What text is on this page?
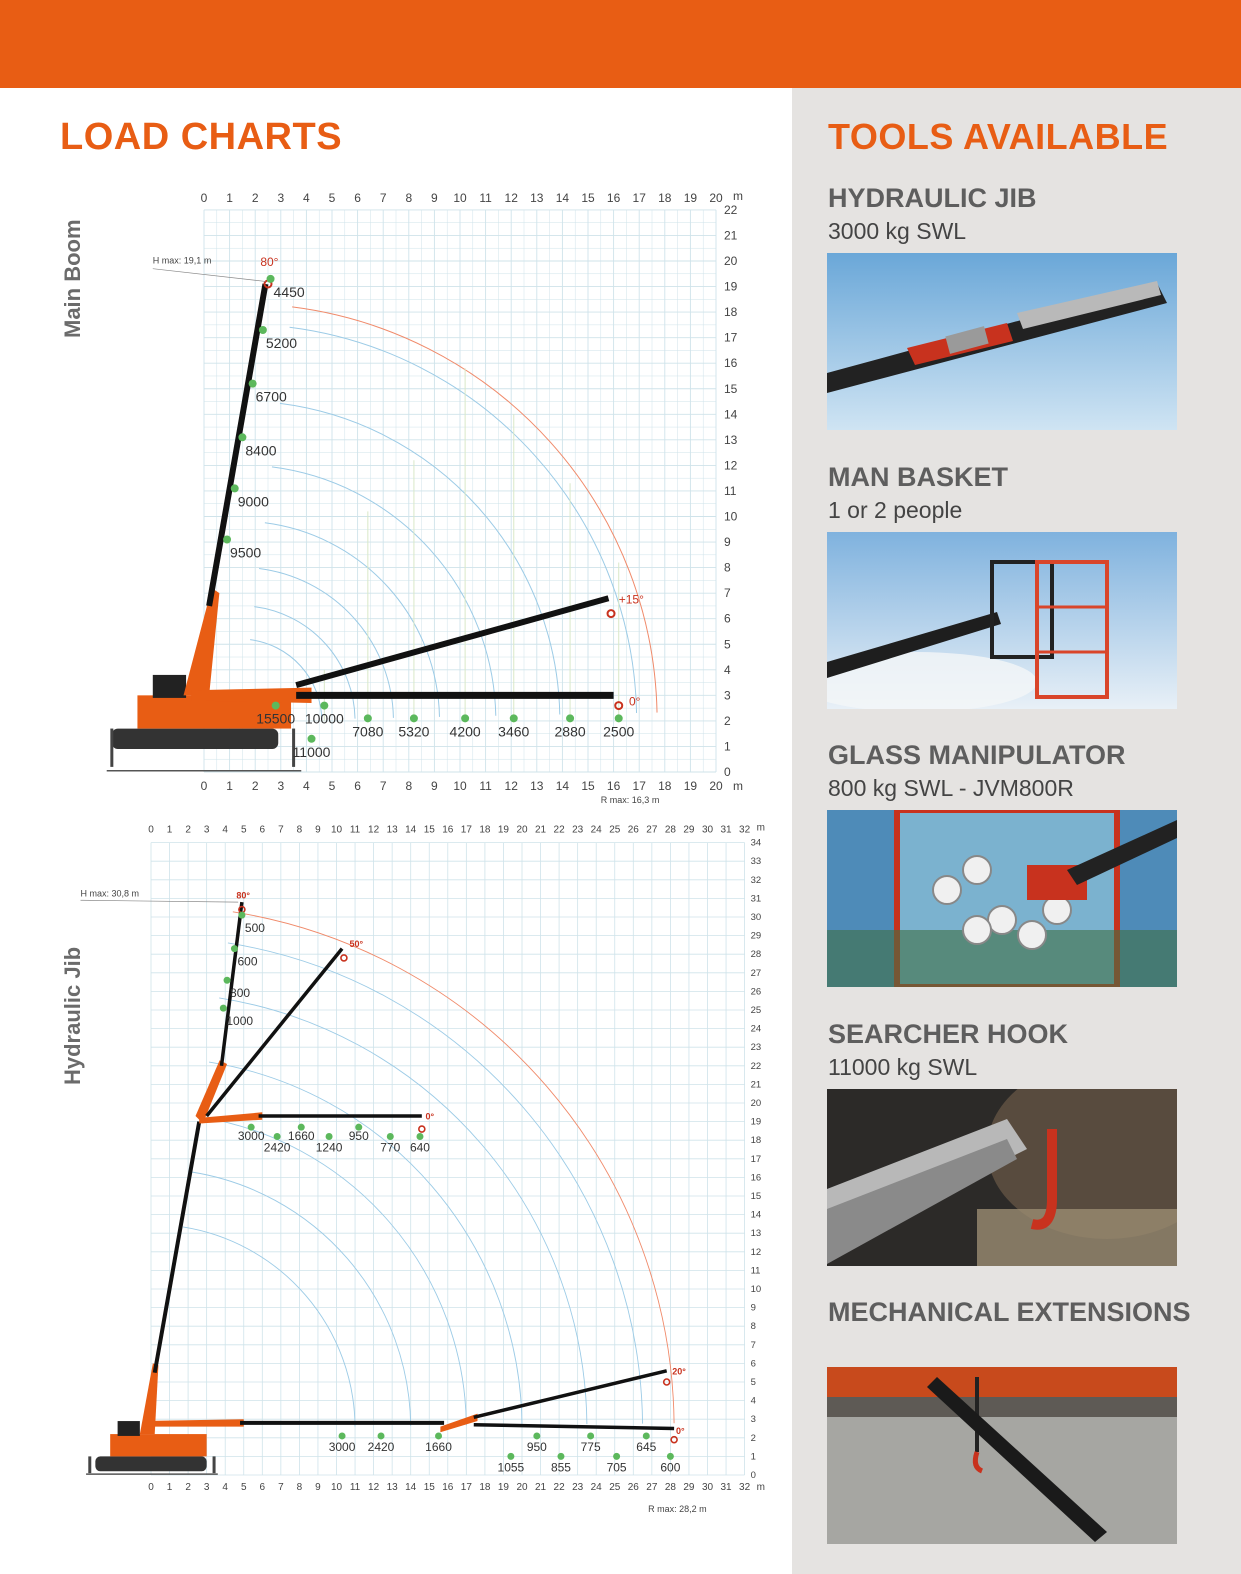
LOAD CHARTS	TOOLS AVAILABLE
Main Boom
Hydraulic Jib
0
0
1
1
2
2
3
3
4
4
5
5
6
6
7
7
8
8
9
9
10
10
11
11
12
12
13
13
14
14
15
15
16
16
17
17
18
18
19
19
20
20
m
m
0
1
2
3
4
5
6
7
8
9
10
11
12
13
14
15
16
17
18
19
20
21
22
80°
+15°
0°
H max: 19,1 m
R max: 16,3 m
4450
5200
6700
8400
9000
9500
15500 10000
11000
7080 5320 4200 3460 2880 2500
0
0
1
1
2
2
3
3
4
4
5
5
6
6
7
7
8
8
9
9
10
10
11
11
12
12
13
13
14
14
15
15
16
16
17
17
18
18
19
19
20
20
21
21
22
22
23
23
24
24
25
25
26
26
27
27
28
28
29
29
30
30
31
31
32
32
m
m
0
1
2
3
4
5
6
7
8
9
10
11
12
13
14
15
16
17
18
19
20
21
22
23
24
25
26
27
28
29
30
31
32
33
34
80°
50°
0°
20°
0°
H max: 30,8 m
R max: 28,2 m
500
600
800
1000
3000
2420
1660
1240
950
770 640
3000 2420	1660
1055
950
855
775
705
645
600
HYDRAULIC JIB
3000 kg SWL
MAN BASKET
1 or 2 people
GLASS MANIPULATOR
800 kg SWL - JVM800R
SEARCHER HOOK
11000 kg SWL
MECHANICAL EXTENSIONS
